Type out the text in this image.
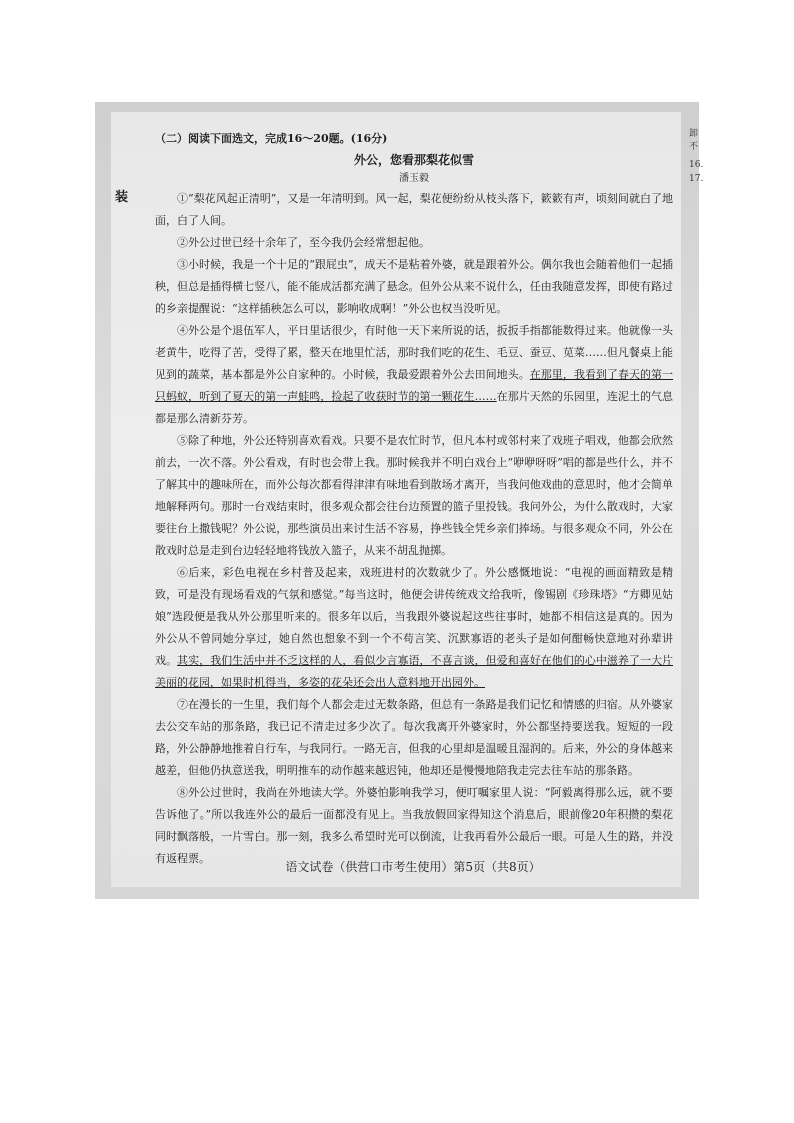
装
卸不
16.
17.
（二）阅读下面选文，完成16～20题。(16分)
外公，您看那梨花似雪
潘玉毅

①“梨花风起正清明”，又是一年清明到。风一起，梨花便纷纷从枝头落下，簌簌有声，顷刻间就白了地面，白了人间。

②外公过世已经十余年了，至今我仍会经常想起他。

③小时候，我是一个十足的“跟屁虫”，成天不是粘着外婆，就是跟着外公。偶尔我也会随着他们一起插秧，但总是插得横七竖八，能不能成活都充满了悬念。但外公从来不说什么，任由我随意发挥，即使有路过的乡亲提醒说：“这样插秧怎么可以，影响收成啊！”外公也权当没听见。

④外公是个退伍军人，平日里话很少，有时他一天下来所说的话，扳扳手指都能数得过来。他就像一头老黄牛，吃得了苦，受得了累，整天在地里忙活，那时我们吃的花生、毛豆、蚕豆、苋菜……但凡餐桌上能见到的蔬菜，基本都是外公自家种的。小时候，我最爱跟着外公去田间地头。在那里，我看到了春天的第一只蚂蚁，听到了夏天的第一声蛙鸣，捡起了收获时节的第一颗花生……在那片天然的乐园里，连泥土的气息都是那么清新芬芳。

⑤除了种地，外公还特别喜欢看戏。只要不是农忙时节，但凡本村或邻村来了戏班子唱戏，他都会欣然前去，一次不落。外公看戏，有时也会带上我。那时候我并不明白戏台上“咿咿呀呀”唱的都是些什么，并不了解其中的趣味所在，而外公每次都看得津津有味地看到散场才离开，当我问他戏曲的意思时，他才会简单地解释两句。那时一台戏结束时，很多观众都会往台边预置的篮子里投钱。我问外公，为什么散戏时，大家要往台上撒钱呢？外公说，那些演员出来讨生活不容易，挣些钱全凭乡亲们捧场。与很多观众不同，外公在散戏时总是走到台边轻轻地将钱放入篮子，从来不胡乱抛掷。

⑥后来，彩色电视在乡村普及起来，戏班进村的次数就少了。外公感慨地说：“电视的画面精致是精致，可是没有现场看戏的气氛和感觉。”每当这时，他便会讲传统戏文给我听，像锡剧《珍珠塔》“方卿见姑娘”选段便是我从外公那里听来的。很多年以后，当我跟外婆说起这些往事时，她都不相信这是真的。因为外公从不曾同她分享过，她自然也想象不到一个不苟言笑、沉默寡语的老头子是如何酣畅快意地对孙辈讲戏。其实，我们生活中并不乏这样的人，看似少言寡语，不喜言谈，但爱和喜好在他们的心中滋养了一大片美丽的花园，如果时机得当，多姿的花朵还会出人意料地开出园外。

⑦在漫长的一生里，我们每个人都会走过无数条路，但总有一条路是我们记忆和情感的归宿。从外婆家去公交车站的那条路，我已记不清走过多少次了。每次我离开外婆家时，外公都坚持要送我。短短的一段路，外公静静地推着自行车，与我同行。一路无言，但我的心里却是温暖且湿润的。后来，外公的身体越来越差，但他仍执意送我，明明推车的动作越来越迟钝，他却还是慢慢地陪我走完去往车站的那条路。

⑧外公过世时，我尚在外地读大学。外婆怕影响我学习，便叮嘱家里人说：“阿毅离得那么远，就不要告诉他了。”所以我连外公的最后一面都没有见上。当我放假回家得知这个消息后，眼前像20年积攒的梨花同时飘落般，一片雪白。那一刻，我多么希望时光可以倒流，让我再看外公最后一眼。可是人生的路，并没有返程票。

语文试卷（供营口市考生使用）第5页（共8页）
